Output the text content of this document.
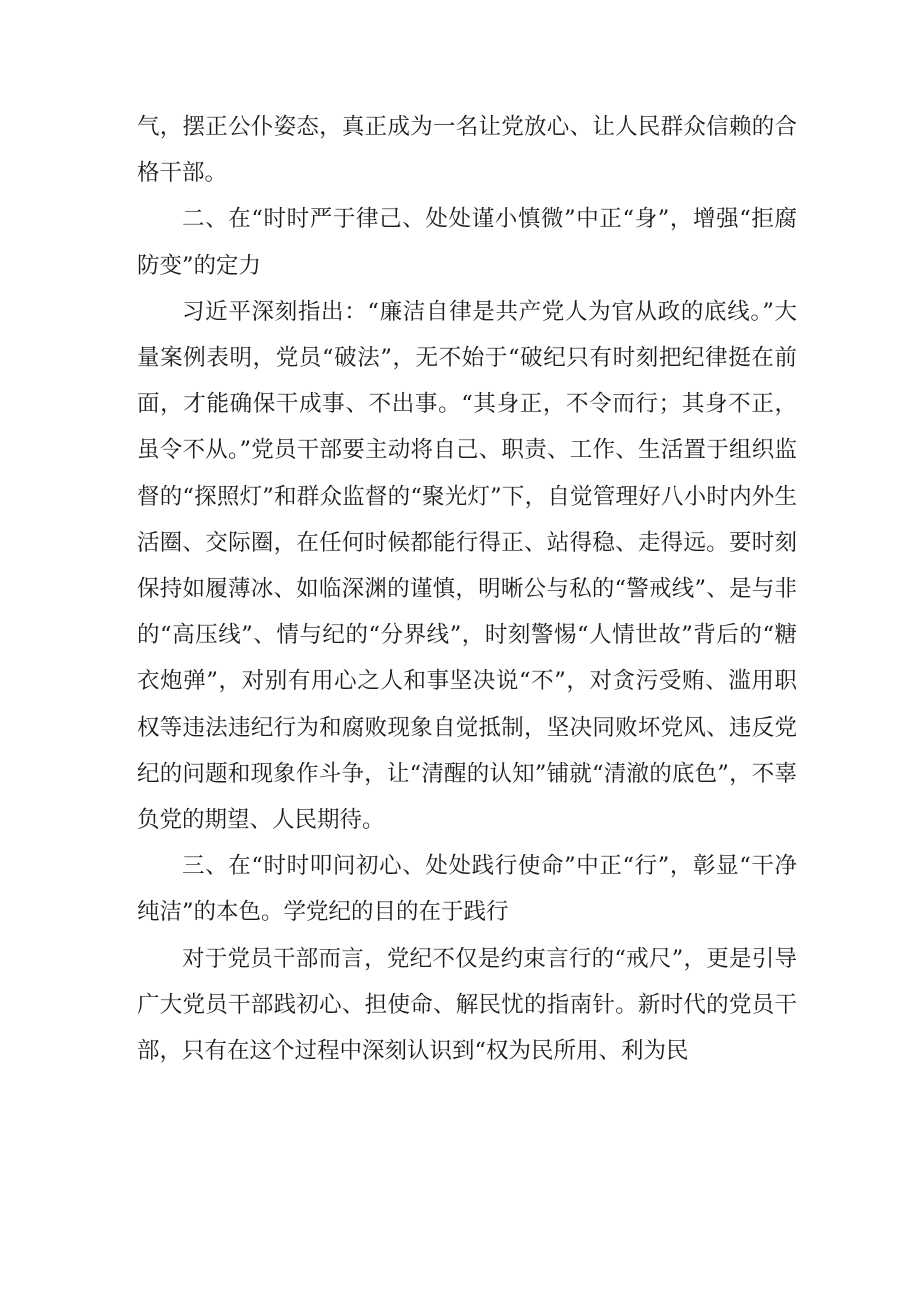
气，摆正公仆姿态，真正成为一名让党放心、让人民群众信赖的合格干部。

二、在“时时严于律己、处处谨小慎微”中正“身”，增强“拒腐防变”的定力

习近平深刻指出：“廉洁自律是共产党人为官从政的底线。”大量案例表明，党员“破法”，无不始于“破纪只有时刻把纪律挺在前面，才能确保干成事、不出事。“其身正，不令而行；其身不正，虽令不从。”党员干部要主动将自己、职责、工作、生活置于组织监督的“探照灯”和群众监督的“聚光灯”下，自觉管理好八小时内外生活圈、交际圈，在任何时候都能行得正、站得稳、走得远。要时刻保持如履薄冰、如临深渊的谨慎，明晰公与私的“警戒线”、是与非的“高压线”、情与纪的“分界线”，时刻警惕“人情世故”背后的“糖衣炮弹”，对别有用心之人和事坚决说“不”，对贪污受贿、滥用职权等违法违纪行为和腐败现象自觉抵制，坚决同败坏党风、违反党纪的问题和现象作斗争，让“清醒的认知”铺就“清澈的底色”，不辜负党的期望、人民期待。

三、在“时时叩问初心、处处践行使命”中正“行”，彰显“干净纯洁”的本色。学党纪的目的在于践行

对于党员干部而言，党纪不仅是约束言行的“戒尺”，更是引导广大党员干部践初心、担使命、解民忧的指南针。新时代的党员干部，只有在这个过程中深刻认识到“权为民所用、利为民
